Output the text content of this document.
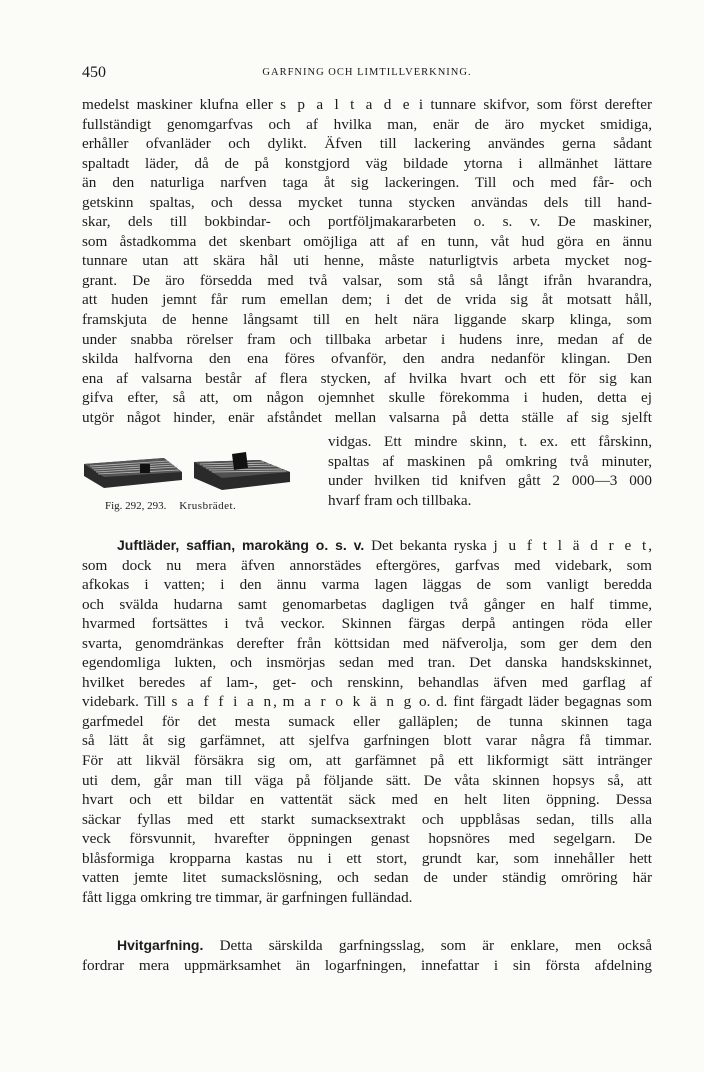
450	GARFNING OCH LIMTILLVERKNING.
medelst maskiner klufna eller s p a l t a d e i tunnare skifvor, som först derefter
fullständigt genomgarfvas och af hvilka man, enär de äro mycket smidiga,
erhåller ofvanläder och dylikt. Äfven till lackering användes gerna sådant
spaltadt läder, då de på konstgjord väg bildade ytorna i allmänhet lättare
än den naturliga narfven taga åt sig lackeringen. Till och med får- och
getskinn spaltas, och dessa mycket tunna stycken användas dels till hand-
skar, dels till bokbindar- och portföljmakararbeten o. s. v. De maskiner,
som åstadkomma det skenbart omöjliga att af en tunn, våt hud göra en ännu
tunnare utan att skära hål uti henne, måste naturligtvis arbeta mycket nog-
grant. De äro försedda med två valsar, som stå så långt ifrån hvarandra,
att huden jemnt får rum emellan dem; i det de vrida sig åt motsatt håll,
framskjuta de henne långsamt till en helt nära liggande skarp klinga, som
under snabba rörelser fram och tillbaka arbetar i hudens inre, medan af de
skilda halfvorna den ena föres ofvanför, den andra nedanför klingan. Den
ena af valsarna består af flera stycken, af hvilka hvart och ett för sig kan
gifva efter, så att, om någon ojemnhet skulle förekomma i huden, detta ej
utgör något hinder, enär afståndet mellan valsarna på detta ställe af sig sjelft
vidgas. Ett mindre skinn, t. ex. ett fårskinn,
spaltas af maskinen på omkring två minuter,
under hvilken tid knifven gått 2 000—3 000
hvarf fram och tillbaka.
Fig. 292, 293. Krusbrädet.
Juftläder, saffian, marokäng o. s. v. Det bekanta ryska j u f t l ä d r e t,
som dock nu mera äfven annorstädes eftergöres, garfvas med videbark, som
afkokas i vatten; i den ännu varma lagen läggas de som vanligt beredda
och svälda hudarna samt genomarbetas dagligen två gånger en half timme,
hvarmed fortsättes i två veckor. Skinnen färgas derpå antingen röda eller
svarta, genomdränkas derefter från köttsidan med näfverolja, som ger dem den
egendomliga lukten, och insmörjas sedan med tran. Det danska handskskinnet,
hvilket beredes af lam-, get- och renskinn, behandlas äfven med garflag af
videbark. Till s a f f i a n, m a r o k ä n g o. d. fint färgadt läder begagnas som
garfmedel för det mesta sumack eller galläplen; de tunna skinnen taga
så lätt åt sig garfämnet, att sjelfva garfningen blott varar några få timmar.
För att likväl försäkra sig om, att garfämnet på ett likformigt sätt intränger
uti dem, går man till väga på följande sätt. De våta skinnen hopsys så, att
hvart och ett bildar en vattentät säck med en helt liten öppning. Dessa
säckar fyllas med ett starkt sumacksextrakt och uppblåsas sedan, tills alla
veck försvunnit, hvarefter öppningen genast hopsnöres med segelgarn. De
blåsformiga kropparna kastas nu i ett stort, grundt kar, som innehåller hett
vatten jemte litet sumackslösning, och sedan de under ständig omröring här
fått ligga omkring tre timmar, är garfningen fulländad.
Hvitgarfning. Detta särskilda garfningsslag, som är enklare, men också
fordrar mera uppmärksamhet än logarfningen, innefattar i sin första afdelning
